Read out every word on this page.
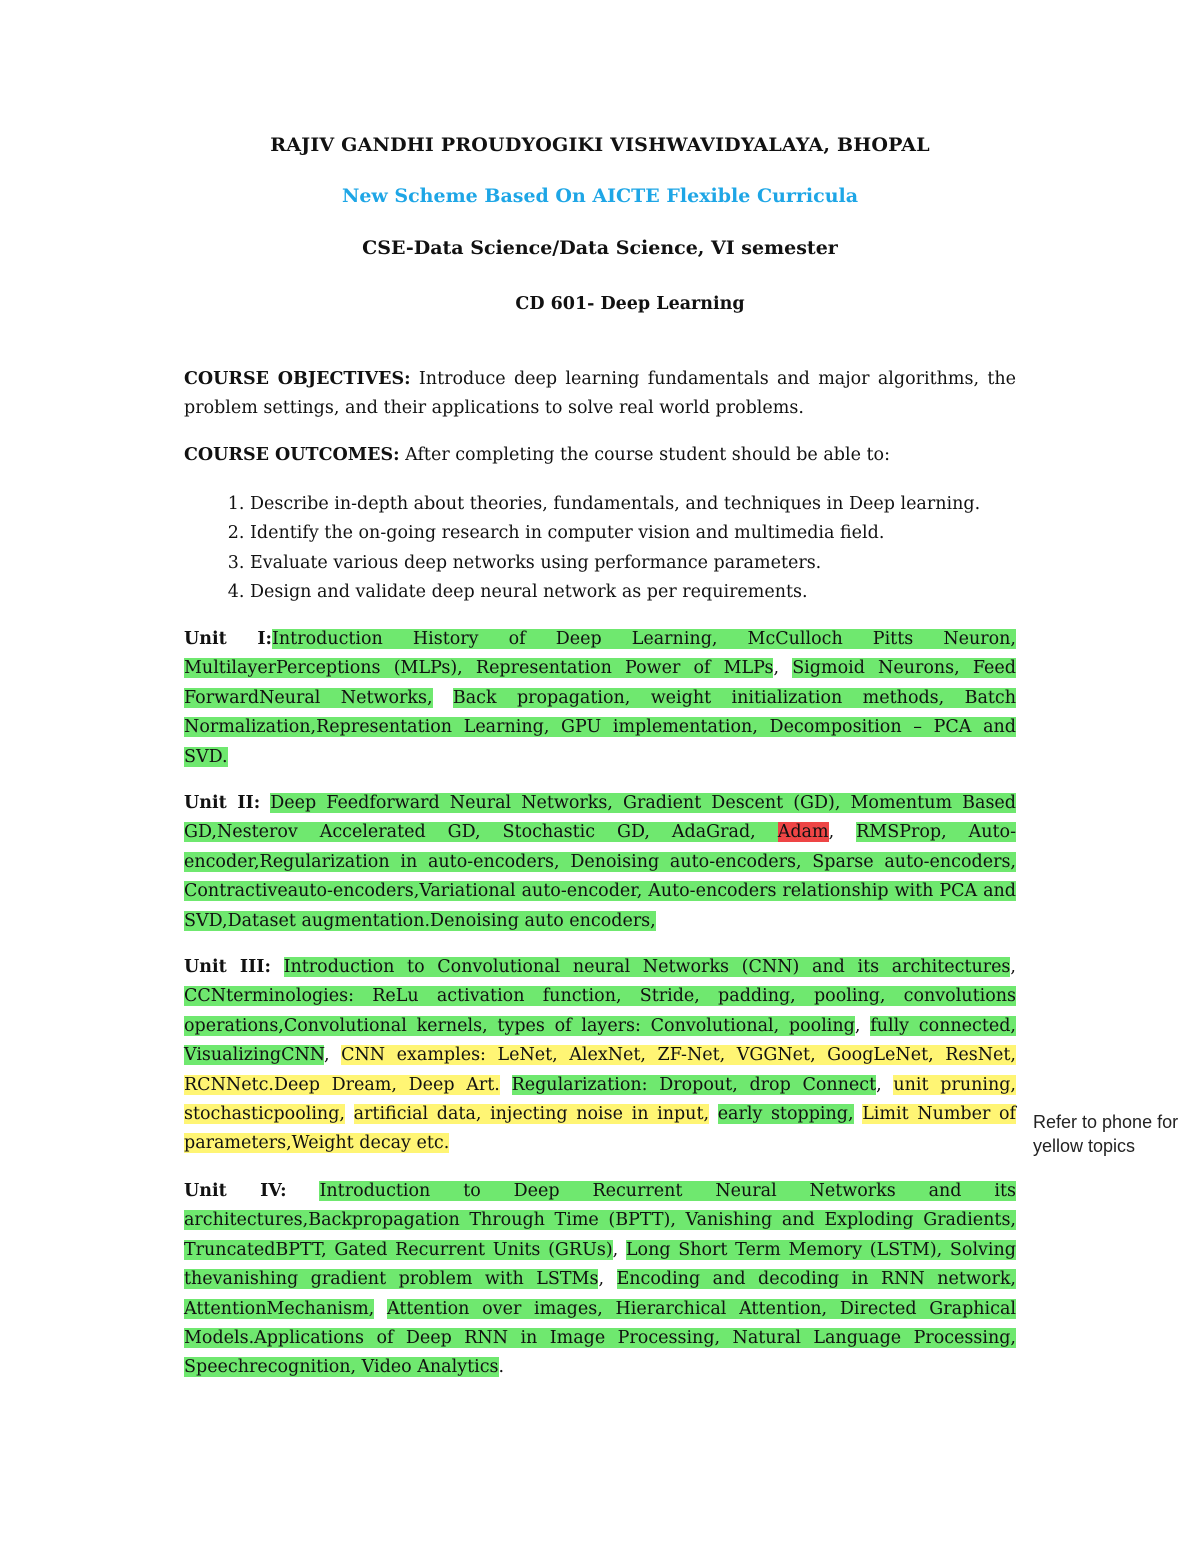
RAJIV GANDHI PROUDYOGIKI VISHWAVIDYALAYA, BHOPAL
New Scheme Based On AICTE Flexible Curricula
CSE-Data Science/Data Science, VI semester
CD 601- Deep Learning
COURSE OBJECTIVES: Introduce deep learning fundamentals and major algorithms, the problem settings, and their applications to solve real world problems.
COURSE OUTCOMES: After completing the course student should be able to:
1. Describe in-depth about theories, fundamentals, and techniques in Deep learning.
2. Identify the on-going research in computer vision and multimedia field.
3. Evaluate various deep networks using performance parameters.
4. Design and validate deep neural network as per requirements.
Unit I:Introduction History of Deep Learning, McCulloch Pitts Neuron, MultilayerPerceptions (MLPs), Representation Power of MLPs, Sigmoid Neurons, Feed ForwardNeural Networks, Back propagation, weight initialization methods, Batch Normalization,Representation Learning, GPU implementation, Decomposition – PCA and SVD.
Unit II: Deep Feedforward Neural Networks, Gradient Descent (GD), Momentum Based GD,Nesterov Accelerated GD, Stochastic GD, AdaGrad, Adam, RMSProp, Auto-encoder,Regularization in auto-encoders, Denoising auto-encoders, Sparse auto-encoders, Contractiveauto-encoders,Variational auto-encoder, Auto-encoders relationship with PCA and SVD,Dataset augmentation.Denoising auto encoders,
Unit III: Introduction to Convolutional neural Networks (CNN) and its architectures, CCNterminologies: ReLu activation function, Stride, padding, pooling, convolutions operations,Convolutional kernels, types of layers: Convolutional, pooling, fully connected, VisualizingCNN, CNN examples: LeNet, AlexNet, ZF-Net, VGGNet, GoogLeNet, ResNet, RCNNetc.Deep Dream, Deep Art. Regularization: Dropout, drop Connect, unit pruning, stochasticpooling, artificial data, injecting noise in input, early stopping, Limit Number of parameters,Weight decay etc.
Unit IV: Introduction to Deep Recurrent Neural Networks and its architectures,Backpropagation Through Time (BPTT), Vanishing and Exploding Gradients, TruncatedBPTT, Gated Recurrent Units (GRUs), Long Short Term Memory (LSTM), Solving thevanishing gradient problem with LSTMs, Encoding and decoding in RNN network, AttentionMechanism, Attention over images, Hierarchical Attention, Directed Graphical Models.Applications of Deep RNN in Image Processing, Natural Language Processing, Speechrecognition, Video Analytics.
Refer to phone for yellow topics
